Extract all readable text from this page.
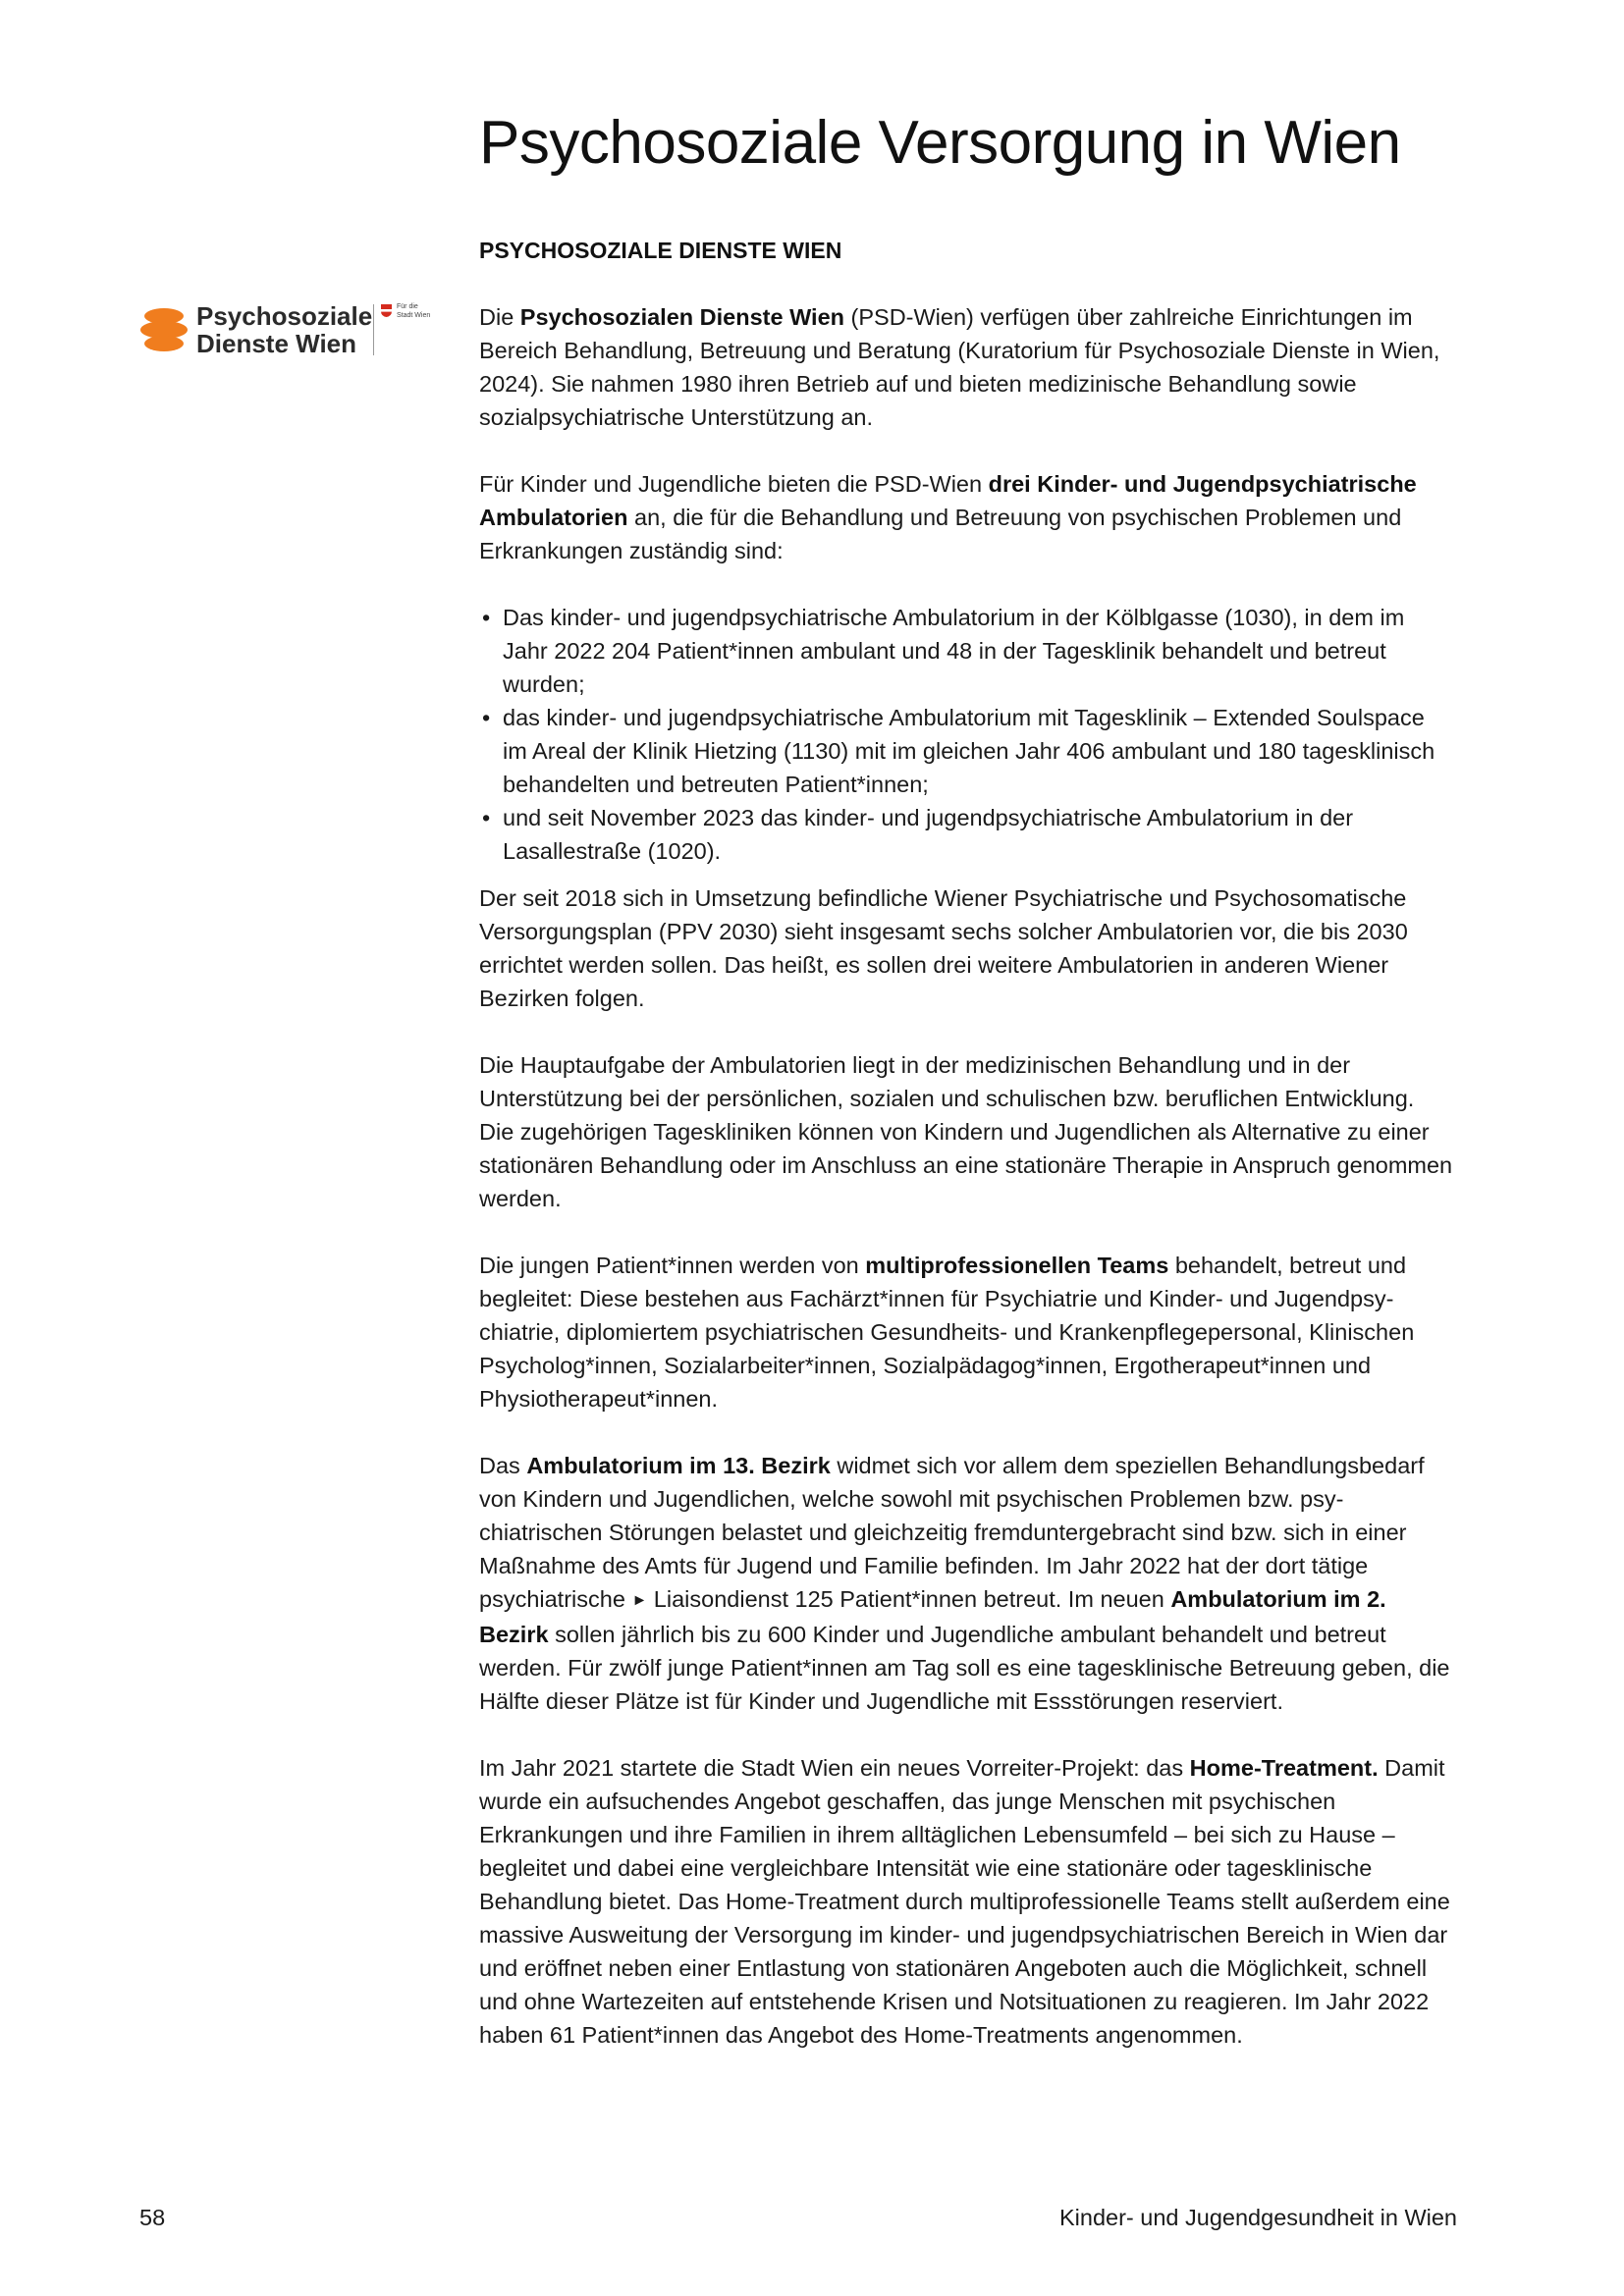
Psychosoziale Versorgung in Wien
PSYCHOSOZIALE DIENSTE WIEN
Psychosoziale
Dienste Wien
Für die
Stadt Wien Die Psychosozialen Dienste Wien (PSD-Wien) verfügen über zahlreiche Einrichtungen im Bereich Behandlung, Betreuung und Beratung (Kuratorium für Psychosoziale Dienste in Wien, 2024). Sie nahmen 1980 ihren Betrieb auf und bieten medizinische Behandlung sowie sozialpsychiatrische Unterstützung an.

Für Kinder und Jugendliche bieten die PSD-Wien drei Kinder- und Jugendpsychiatrische Ambulatorien an, die für die Behandlung und Betreuung von psychischen Problemen und Erkrankungen zuständig sind:

• Das kinder- und jugendpsychiatrische Ambulatorium in der Kölblgasse (1030), in dem im Jahr 2022 204 Patient*innen ambulant und 48 in der Tagesklinik behandelt und betreut wurden;
• das kinder- und jugendpsychiatrische Ambulatorium mit Tagesklinik – Extended Soulspace im Areal der Klinik Hietzing (1130) mit im gleichen Jahr 406 ambulant und 180 tagesklinisch behandelten und betreuten Patient*innen;
• und seit November 2023 das kinder- und jugendpsychiatrische Ambulatorium in der Lasallestraße (1020).

Der seit 2018 sich in Umsetzung befindliche Wiener Psychiatrische und Psychosomatische Versorgungsplan (PPV 2030) sieht insgesamt sechs solcher Ambulatorien vor, die bis 2030 errichtet werden sollen. Das heißt, es sollen drei weitere Ambulatorien in anderen Wiener Bezirken folgen.

Die Hauptaufgabe der Ambulatorien liegt in der medizinischen Behandlung und in der Unterstützung bei der persönlichen, sozialen und schulischen bzw. beruflichen Entwicklung. Die zugehörigen Tageskliniken können von Kindern und Jugendlichen als Alternative zu einer stationären Behandlung oder im Anschluss an eine stationäre Therapie in Anspruch genommen werden.

Die jungen Patient*innen werden von multiprofessionellen Teams behandelt, betreut und begleitet: Diese bestehen aus Fachärzt*innen für Psychiatrie und Kinder- und Jugendpsychiatrie, diplomiertem psychiatrischen Gesundheits- und Krankenpflegepersonal, Klinischen Psycholog*innen, Sozialarbeiter*innen, Sozialpädagog*innen, Ergotherapeut*innen und Physiotherapeut*innen.

Das Ambulatorium im 13. Bezirk widmet sich vor allem dem speziellen Behandlungsbedarf von Kindern und Jugendlichen, welche sowohl mit psychischen Problemen bzw. psychiatrischen Störungen belastet und gleichzeitig fremduntergebracht sind bzw. sich in einer Maßnahme des Amts für Jugend und Familie befinden. Im Jahr 2022 hat der dort tätige psychiatrische ► Liaisondienst 125 Patient*innen betreut. Im neuen Ambulatorium im 2. Bezirk sollen jährlich bis zu 600 Kinder und Jugendliche ambulant behandelt und betreut werden. Für zwölf junge Patient*innen am Tag soll es eine tagesklinische Betreuung geben, die Hälfte dieser Plätze ist für Kinder und Jugendliche mit Essstörungen reserviert.

Im Jahr 2021 startete die Stadt Wien ein neues Vorreiter-Projekt: das Home-Treatment. Damit wurde ein aufsuchendes Angebot geschaffen, das junge Menschen mit psychischen Erkrankungen und ihre Familien in ihrem alltäglichen Lebensumfeld – bei sich zu Hause – begleitet und dabei eine vergleichbare Intensität wie eine stationäre oder tagesklinische Behandlung bietet. Das Home-Treatment durch multiprofessionelle Teams stellt außerdem eine massive Ausweitung der Versorgung im kinder- und jugendpsychiatrischen Bereich in Wien dar und eröffnet neben einer Entlastung von stationären Angeboten auch die Möglichkeit, schnell und ohne Wartezeiten auf entstehende Krisen und Notsituationen zu reagieren. Im Jahr 2022 haben 61 Patient*innen das Angebot des Home-Treatments angenommen.

58	Kinder- und Jugendgesundheit in Wien
